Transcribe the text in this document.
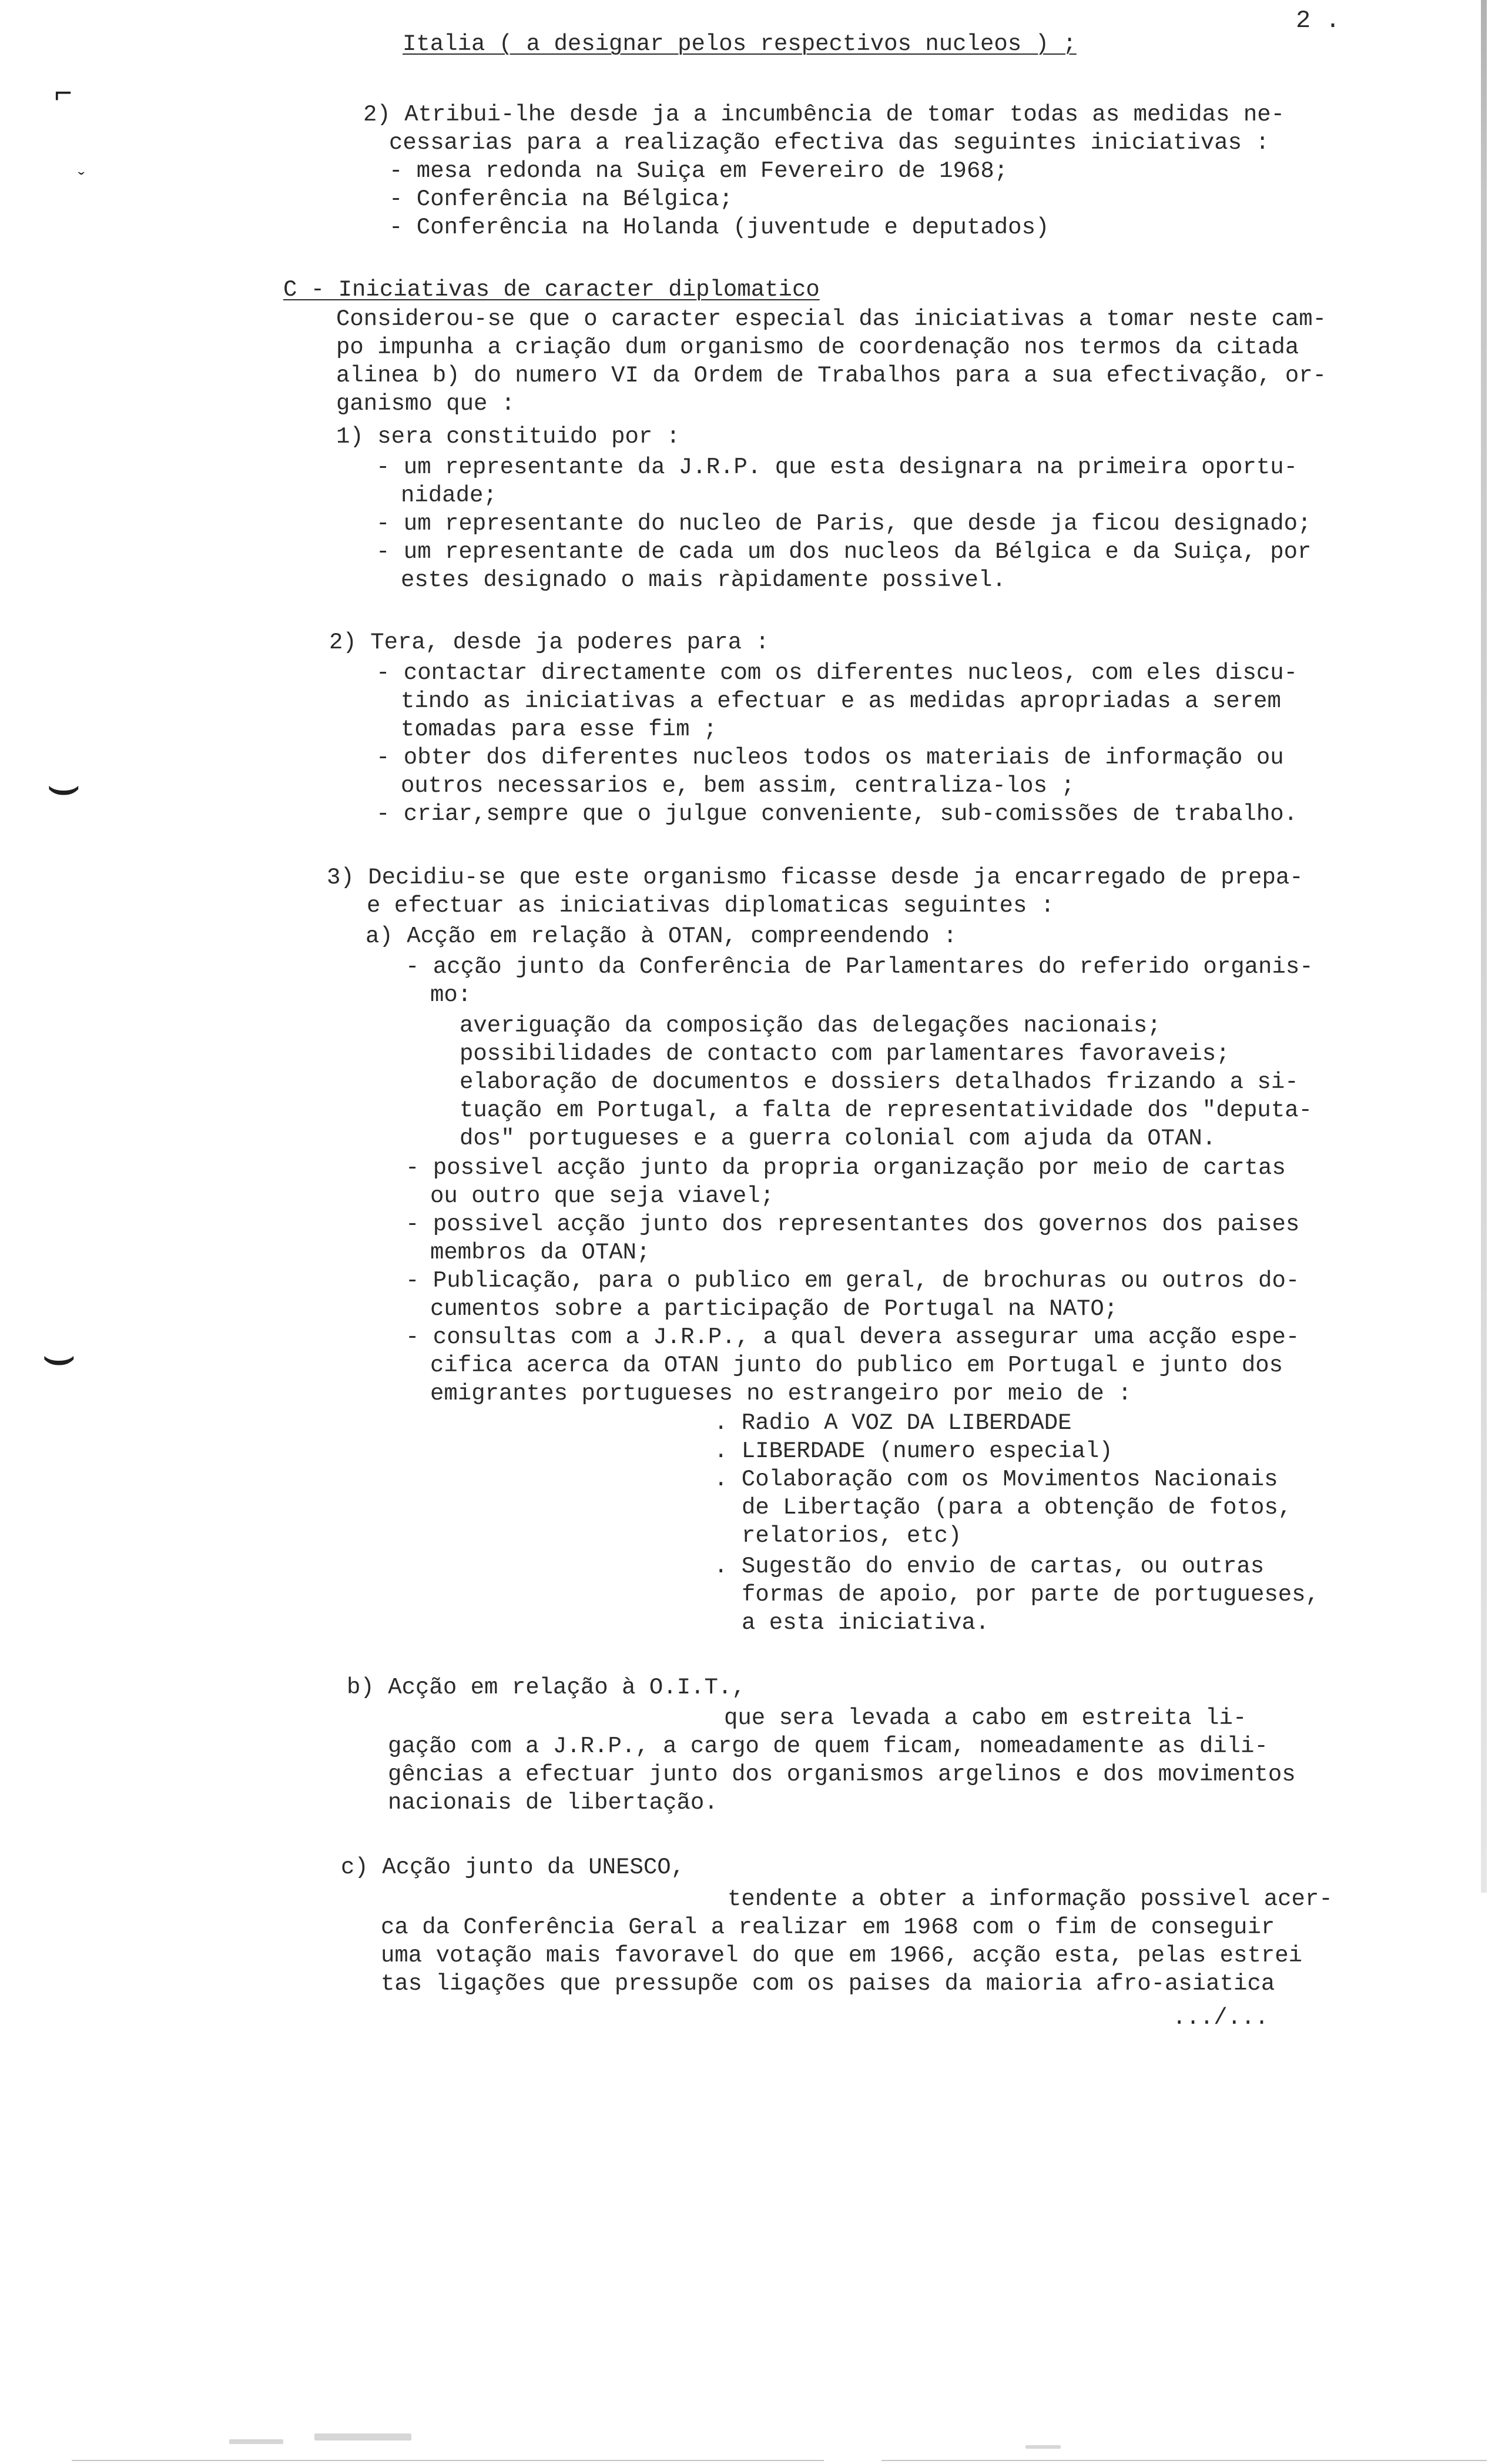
⌐
ˇ
⌣
⌣
2 .
Italia ( a designar pelos respectivos nucleos ) ;
2) Atribui-lhe desde ja a incumbência de tomar todas as medidas ne-
cessarias para a realização efectiva das seguintes iniciativas :
- mesa redonda na Suiça em Fevereiro de 1968;
- Conferência na Bélgica;
- Conferência na Holanda (juventude e deputados)
C - Iniciativas de caracter diplomatico
Considerou-se que o caracter especial das iniciativas a tomar neste cam-
po impunha a criação dum organismo de coordenação nos termos da citada
alinea b) do numero VI da Ordem de Trabalhos para a sua efectivação, or-
ganismo que :
1) sera constituido por :
- um representante da J.R.P. que esta designara na primeira oportu-
nidade;
- um representante do nucleo de Paris, que desde ja ficou designado;
- um representante de cada um dos nucleos da Bélgica e da Suiça, por
estes designado o mais ràpidamente possivel.
2) Tera, desde ja poderes para :
- contactar directamente com os diferentes nucleos, com eles discu-
tindo as iniciativas a efectuar e as medidas apropriadas a serem
tomadas para esse fim ;
- obter dos diferentes nucleos todos os materiais de informação ou
outros necessarios e, bem assim, centraliza-los ;
- criar,sempre que o julgue conveniente, sub-comissões de trabalho.
3) Decidiu-se que este organismo ficasse desde ja encarregado de prepa-
e efectuar as iniciativas diplomaticas seguintes :
a) Acção em relação à OTAN, compreendendo :
- acção junto da Conferência de Parlamentares do referido organis-
mo:
averiguação da composição das delegações nacionais;
possibilidades de contacto com parlamentares favoraveis;
elaboração de documentos e dossiers detalhados frizando a si-
tuação em Portugal, a falta de representatividade dos "deputa-
dos" portugueses e a guerra colonial com ajuda da OTAN.
- possivel acção junto da propria organização por meio de cartas
ou outro que seja viavel;
- possivel acção junto dos representantes dos governos dos paises
membros da OTAN;
- Publicação, para o publico em geral, de brochuras ou outros do-
cumentos sobre a participação de Portugal na NATO;
- consultas com a J.R.P., a qual devera assegurar uma acção espe-
cifica acerca da OTAN junto do publico em Portugal e junto dos
emigrantes portugueses no estrangeiro por meio de :
. Radio A VOZ DA LIBERDADE
. LIBERDADE (numero especial)
. Colaboração com os Movimentos Nacionais
de Libertação (para a obtenção de fotos,
relatorios, etc)
. Sugestão do envio de cartas, ou outras
formas de apoio, por parte de portugueses,
a esta iniciativa.
b) Acção em relação à O.I.T.,
que sera levada a cabo em estreita li-
gação com a J.R.P., a cargo de quem ficam, nomeadamente as dili-
gências a efectuar junto dos organismos argelinos e dos movimentos
nacionais de libertação.
c) Acção junto da UNESCO,
tendente a obter a informação possivel acer-
ca da Conferência Geral a realizar em 1968 com o fim de conseguir
uma votação mais favoravel do que em 1966, acção esta, pelas estrei
tas ligações que pressupõe com os paises da maioria afro-asiatica
.../...
